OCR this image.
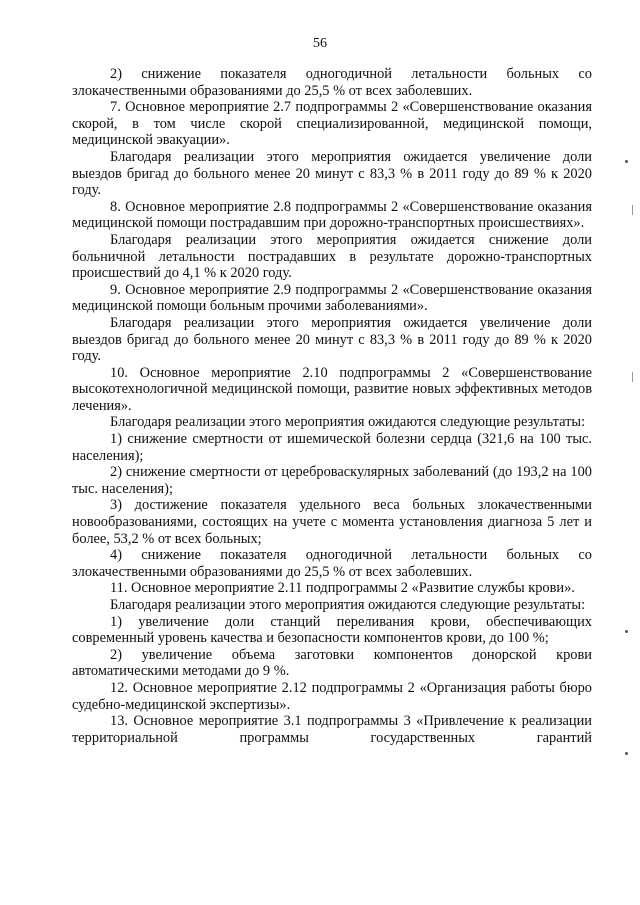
56

2) снижение показателя одногодичной летальности больных со злокачественными образованиями до 25,5 % от всех заболевших.

7. Основное мероприятие 2.7 подпрограммы 2 «Совершенствование оказания скорой, в том числе скорой специализированной, медицинской помощи, медицинской эвакуации».

Благодаря реализации этого мероприятия ожидается увеличение доли выездов бригад до больного менее 20 минут с 83,3 % в 2011 году до 89 % к 2020 году.

8. Основное мероприятие 2.8 подпрограммы 2 «Совершенствование оказания медицинской помощи пострадавшим при дорожно-транспортных происшествиях».

Благодаря реализации этого мероприятия ожидается снижение доли больничной летальности пострадавших в результате дорожно-транспортных происшествий до 4,1 % к 2020 году.

9. Основное мероприятие 2.9 подпрограммы 2 «Совершенствование оказания медицинской помощи больным прочими заболеваниями».

Благодаря реализации этого мероприятия ожидается увеличение доли выездов бригад до больного менее 20 минут с 83,3 % в 2011 году до 89 % к 2020 году.

10. Основное мероприятие 2.10 подпрограммы 2 «Совершенствование высокотехнологичной медицинской помощи, развитие новых эффективных методов лечения».

Благодаря реализации этого мероприятия ожидаются следующие результаты:

1) снижение смертности от ишемической болезни сердца (321,6 на 100 тыс. населения);

2) снижение смертности от цереброваскулярных заболеваний (до 193,2 на 100 тыс. населения);

3) достижение показателя удельного веса больных злокачественными новообразованиями, состоящих на учете с момента установления диагноза 5 лет и более, 53,2 % от всех больных;

4) снижение показателя одногодичной летальности больных со злокачественными образованиями до 25,5 % от всех заболевших.

11. Основное мероприятие 2.11 подпрограммы 2 «Развитие службы крови».

Благодаря реализации этого мероприятия ожидаются следующие результаты:

1) увеличение доли станций переливания крови, обеспечивающих современный уровень качества и безопасности компонентов крови, до 100 %;

2) увеличение объема заготовки компонентов донорской крови автоматическими методами до 9 %.

12. Основное мероприятие 2.12 подпрограммы 2 «Организация работы бюро судебно-медицинской экспертизы».

13. Основное мероприятие 3.1 подпрограммы 3 «Привлечение к реализации территориальной программы государственных гарантий
